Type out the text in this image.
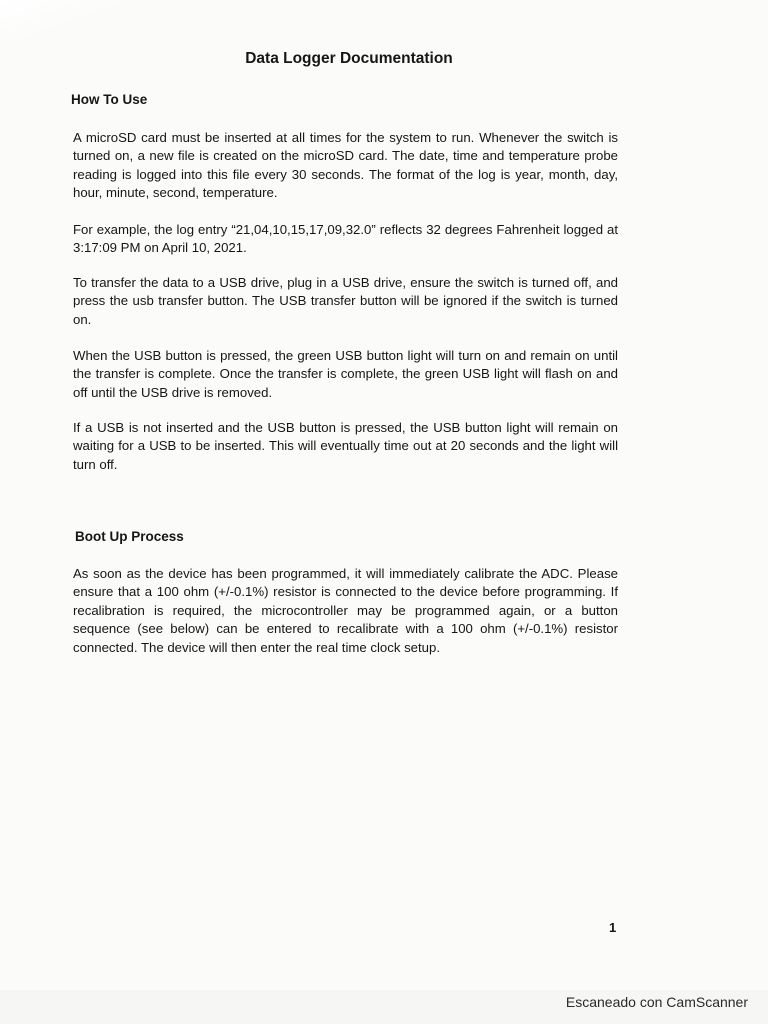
Data Logger Documentation
How To Use

A microSD card must be inserted at all times for the system to run. Whenever the switch is turned on, a new file is created on the microSD card. The date, time and temperature probe reading is logged into this file every 30 seconds. The format of the log is year, month, day, hour, minute, second, temperature.

For example, the log entry “21,04,10,15,17,09,32.0” reflects 32 degrees Fahrenheit logged at 3:17:09 PM on April 10, 2021.

To transfer the data to a USB drive, plug in a USB drive, ensure the switch is turned off, and press the usb transfer button. The USB transfer button will be ignored if the switch is turned on.

When the USB button is pressed, the green USB button light will turn on and remain on until the transfer is complete. Once the transfer is complete, the green USB light will flash on and off until the USB drive is removed.

If a USB is not inserted and the USB button is pressed, the USB button light will remain on waiting for a USB to be inserted. This will eventually time out at 20 seconds and the light will turn off.

Boot Up Process

As soon as the device has been programmed, it will immediately calibrate the ADC. Please ensure that a 100 ohm (+/-0.1%) resistor is connected to the device before programming. If recalibration is required, the microcontroller may be programmed again, or a button sequence (see below) can be entered to recalibrate with a 100 ohm (+/-0.1%) resistor connected. The device will then enter the real time clock setup.

1
Escaneado con CamScanner
